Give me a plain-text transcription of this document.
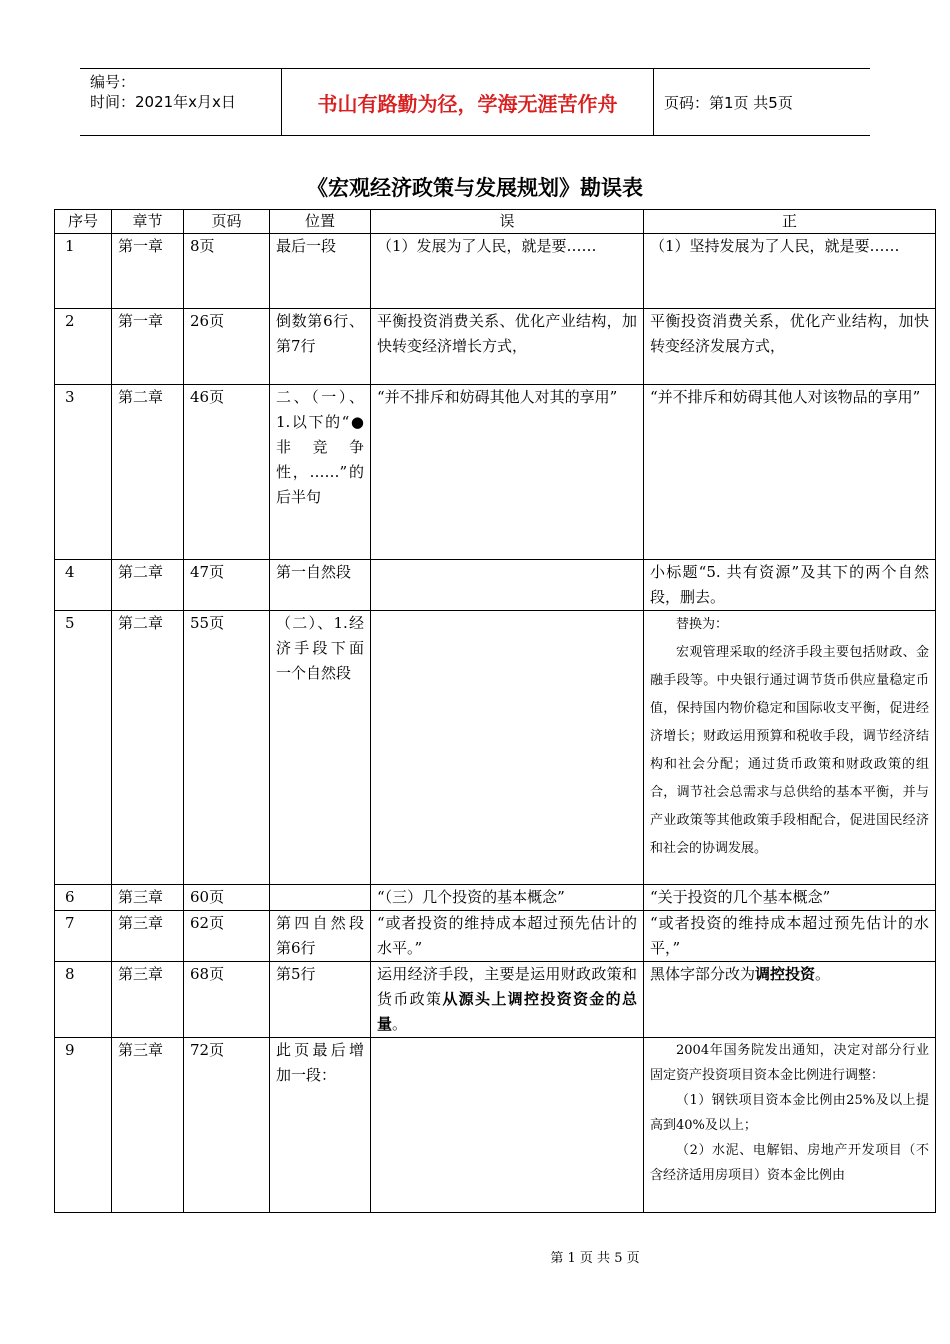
编号：
时间：2021年x月x日	书山有路勤为径，学海无涯苦作舟	页码：第1页 共5页
《宏观经济政策与发展规划》勘误表
序号	章节	页码	位置	误	正
1	第一章	8页	最后一段	（1）发展为了人民，就是要……	（1）坚持发展为了人民，就是要……
2	第一章	26页	倒数第6行、第7行	平衡投资消费关系、优化产业结构，加快转变经济增长方式，	平衡投资消费关系，优化产业结构，加快转变经济发展方式，
3	第二章	46页	二、（一）、1.以下的“● 非竞争性，……”的后半句	“并不排斥和妨碍其他人对其的享用”	“并不排斥和妨碍其他人对该物品的享用”
4	第二章	47页	第一自然段		小标题“5. 共有资源”及其下的两个自然段，删去。
5	第二章	55页	（二）、1.经济手段下面一个自然段		替换为：

宏观管理采取的经济手段主要包括财政、金融手段等。中央银行通过调节货币供应量稳定币值，保持国内物价稳定和国际收支平衡，促进经济增长；财政运用预算和税收手段，调节经济结构和社会分配；通过货币政策和财政政策的组合，调节社会总需求与总供给的基本平衡，并与产业政策等其他政策手段相配合，促进国民经济和社会的协调发展。

6	第三章	60页		“（三）几个投资的基本概念”	“关于投资的几个基本概念”
7	第三章	62页	第四自然段第6行	“或者投资的维持成本超过预先估计的水平。”	“或者投资的维持成本超过预先估计的水平，”
8	第三章	68页	第5行	运用经济手段，主要是运用财政政策和货币政策从源头上调控投资资金的总量。	黑体字部分改为调控投资。
9	第三章	72页	此页最后增加一段：		2004年国务院发出通知，决定对部分行业固定资产投资项目资本金比例进行调整：

（1）钢铁项目资本金比例由25%及以上提高到40%及以上；

（2）水泥、电解铝、房地产开发项目（不含经济适用房项目）资本金比例由

第 1 页 共 5 页
